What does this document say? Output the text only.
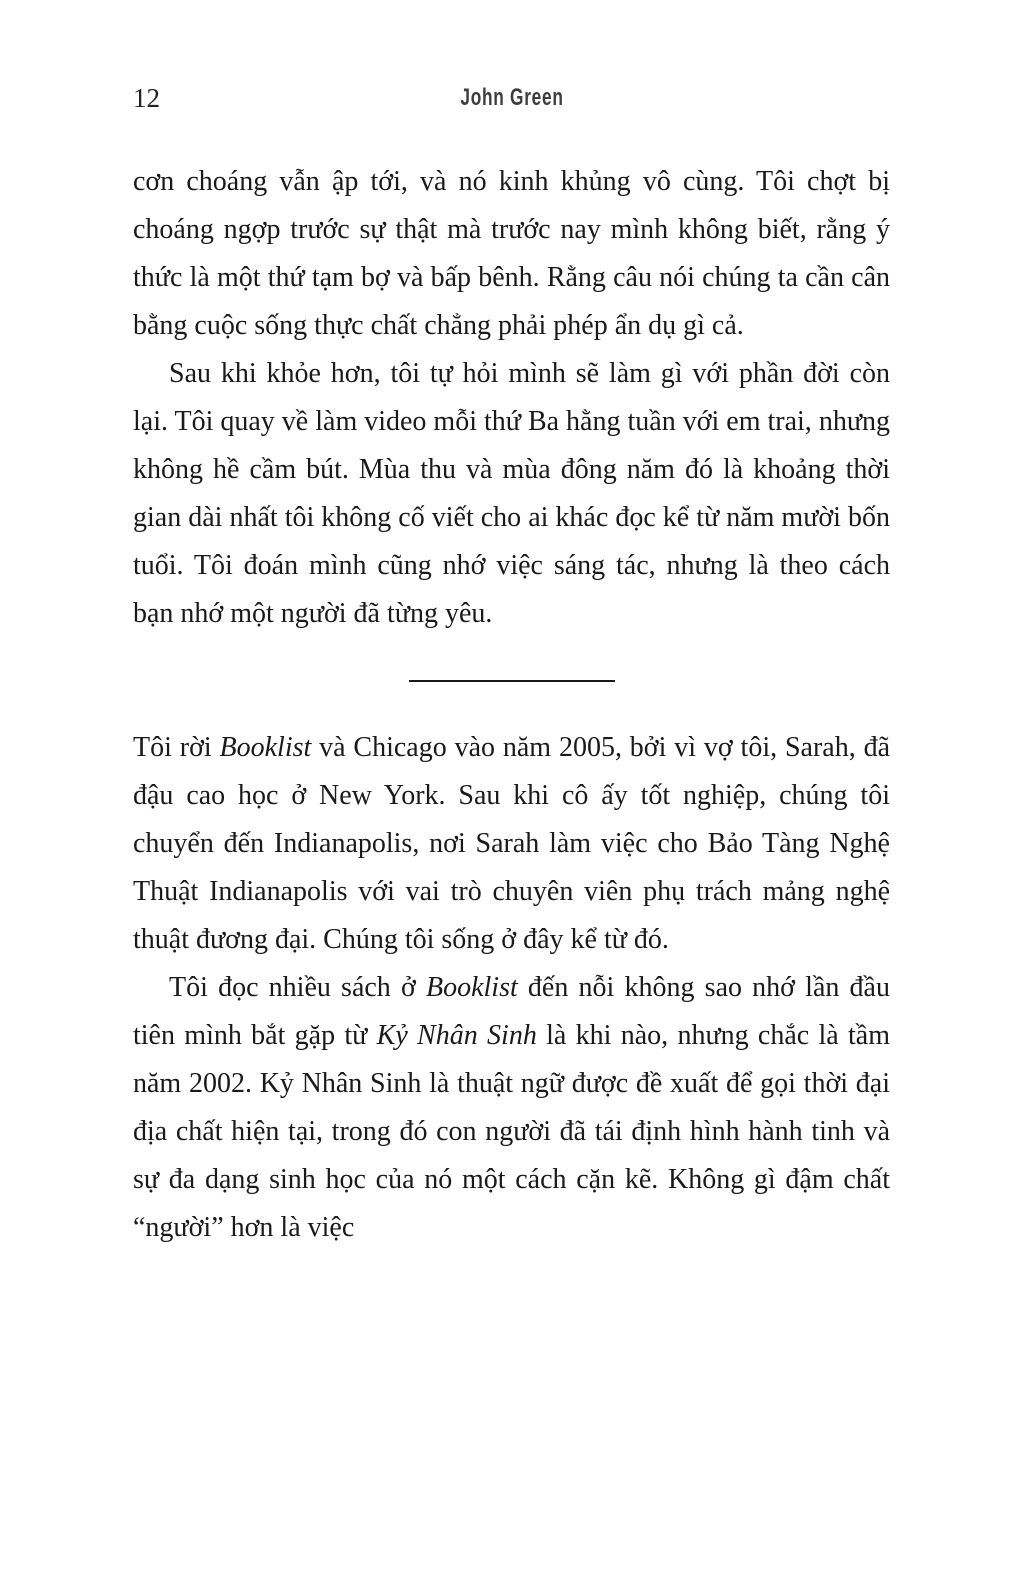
12	John Green

cơn choáng vẫn ập tới, và nó kinh khủng vô cùng. Tôi chợt bị choáng ngợp trước sự thật mà trước nay mình không biết, rằng ý thức là một thứ tạm bợ và bấp bênh. Rằng câu nói chúng ta cần cân bằng cuộc sống thực chất chẳng phải phép ẩn dụ gì cả.

Sau khi khỏe hơn, tôi tự hỏi mình sẽ làm gì với phần đời còn lại. Tôi quay về làm video mỗi thứ Ba hằng tuần với em trai, nhưng không hề cầm bút. Mùa thu và mùa đông năm đó là khoảng thời gian dài nhất tôi không cố viết cho ai khác đọc kể từ năm mười bốn tuổi. Tôi đoán mình cũng nhớ việc sáng tác, nhưng là theo cách bạn nhớ một người đã từng yêu.

Tôi rời Booklist và Chicago vào năm 2005, bởi vì vợ tôi, Sarah, đã đậu cao học ở New York. Sau khi cô ấy tốt nghiệp, chúng tôi chuyển đến Indianapolis, nơi Sarah làm việc cho Bảo Tàng Nghệ Thuật Indianapolis với vai trò chuyên viên phụ trách mảng nghệ thuật đương đại. Chúng tôi sống ở đây kể từ đó.

Tôi đọc nhiều sách ở Booklist đến nỗi không sao nhớ lần đầu tiên mình bắt gặp từ Kỷ Nhân Sinh là khi nào, nhưng chắc là tầm năm 2002. Kỷ Nhân Sinh là thuật ngữ được đề xuất để gọi thời đại địa chất hiện tại, trong đó con người đã tái định hình hành tinh và sự đa dạng sinh học của nó một cách cặn kẽ. Không gì đậm chất “người” hơn là việc
